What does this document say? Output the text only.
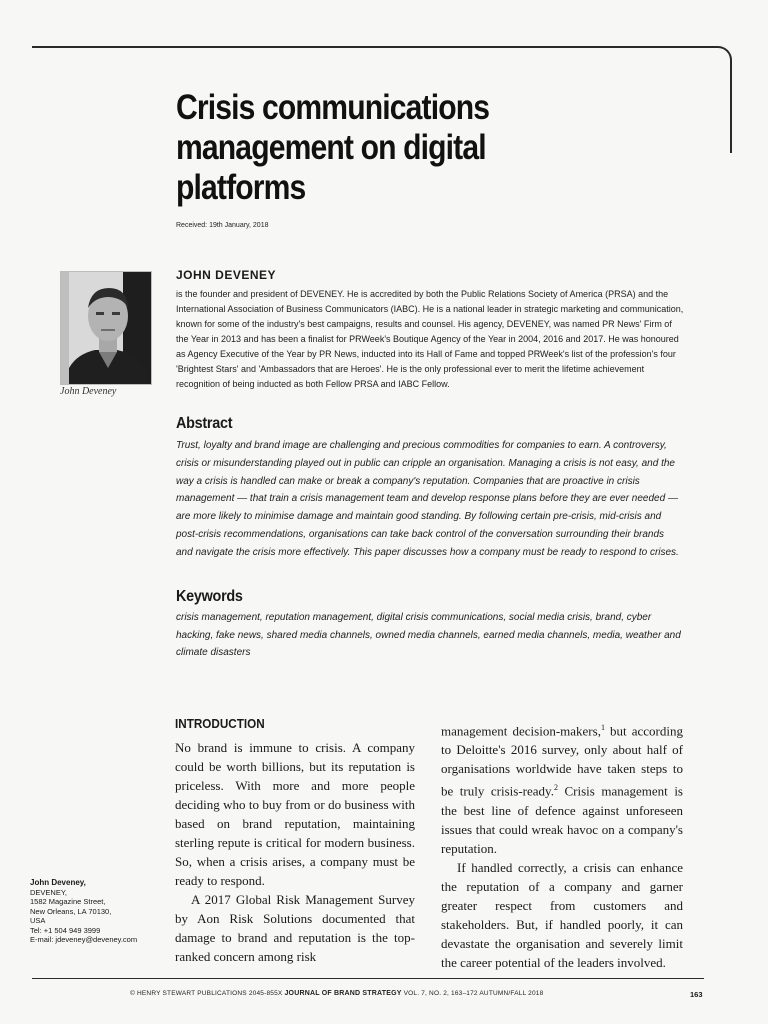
Crisis communications management on digital platforms
Received: 19th January, 2018
John Deveney
JOHN DEVENEY

is the founder and president of DEVENEY. He is accredited by both the Public Relations Society of America (PRSA) and the International Association of Business Communicators (IABC). He is a national leader in strategic marketing and communication, known for some of the industry's best campaigns, results and counsel. His agency, DEVENEY, was named PR News' Firm of the Year in 2013 and has been a finalist for PRWeek's Boutique Agency of the Year in 2004, 2016 and 2017. He was honoured as Agency Executive of the Year by PR News, inducted into its Hall of Fame and topped PRWeek's list of the profession's four 'Brightest Stars' and 'Ambassadors that are Heroes'. He is the only professional ever to merit the lifetime achievement recognition of being inducted as both Fellow PRSA and IABC Fellow.

Abstract

Trust, loyalty and brand image are challenging and precious commodities for companies to earn. A controversy, crisis or misunderstanding played out in public can cripple an organisation. Managing a crisis is not easy, and the way a crisis is handled can make or break a company's reputation. Companies that are proactive in crisis management — that train a crisis management team and develop response plans before they are ever needed — are more likely to minimise damage and maintain good standing. By following certain pre-crisis, mid-crisis and post-crisis recommendations, organisations can take back control of the conversation surrounding their brands and navigate the crisis more effectively. This paper discusses how a company must be ready to respond to crises.

Keywords

crisis management, reputation management, digital crisis communications, social media crisis, brand, cyber hacking, fake news, shared media channels, owned media channels, earned media channels, media, weather and climate disasters

INTRODUCTION

No brand is immune to crisis. A company could be worth billions, but its reputation is priceless. With more and more people deciding who to buy from or do business with based on brand reputation, maintaining sterling repute is critical for modern business. So, when a crisis arises, a company must be ready to respond.

A 2017 Global Risk Management Survey by Aon Risk Solutions documented that damage to brand and reputation is the top-ranked concern among risk

management decision-makers,$^1$ but according to Deloitte's 2016 survey, only about half of organisations worldwide have taken steps to be truly crisis-ready.$^2$ Crisis management is the best line of defence against unforeseen issues that could wreak havoc on a company's reputation.

If handled correctly, a crisis can enhance the reputation of a company and garner greater respect from customers and stakeholders. But, if handled poorly, it can devastate the organisation and severely limit the career potential of the leaders involved.

John Deveney,
DEVENEY,
1582 Magazine Street,
New Orleans, LA 70130,
USA
Tel: +1 504 949 3999
E-mail: jdeveney@deveney.com
© HENRY STEWART PUBLICATIONS 2045-855X JOURNAL OF BRAND STRATEGY VOL. 7, NO. 2, 163–172 AUTUMN/FALL 2018	163
